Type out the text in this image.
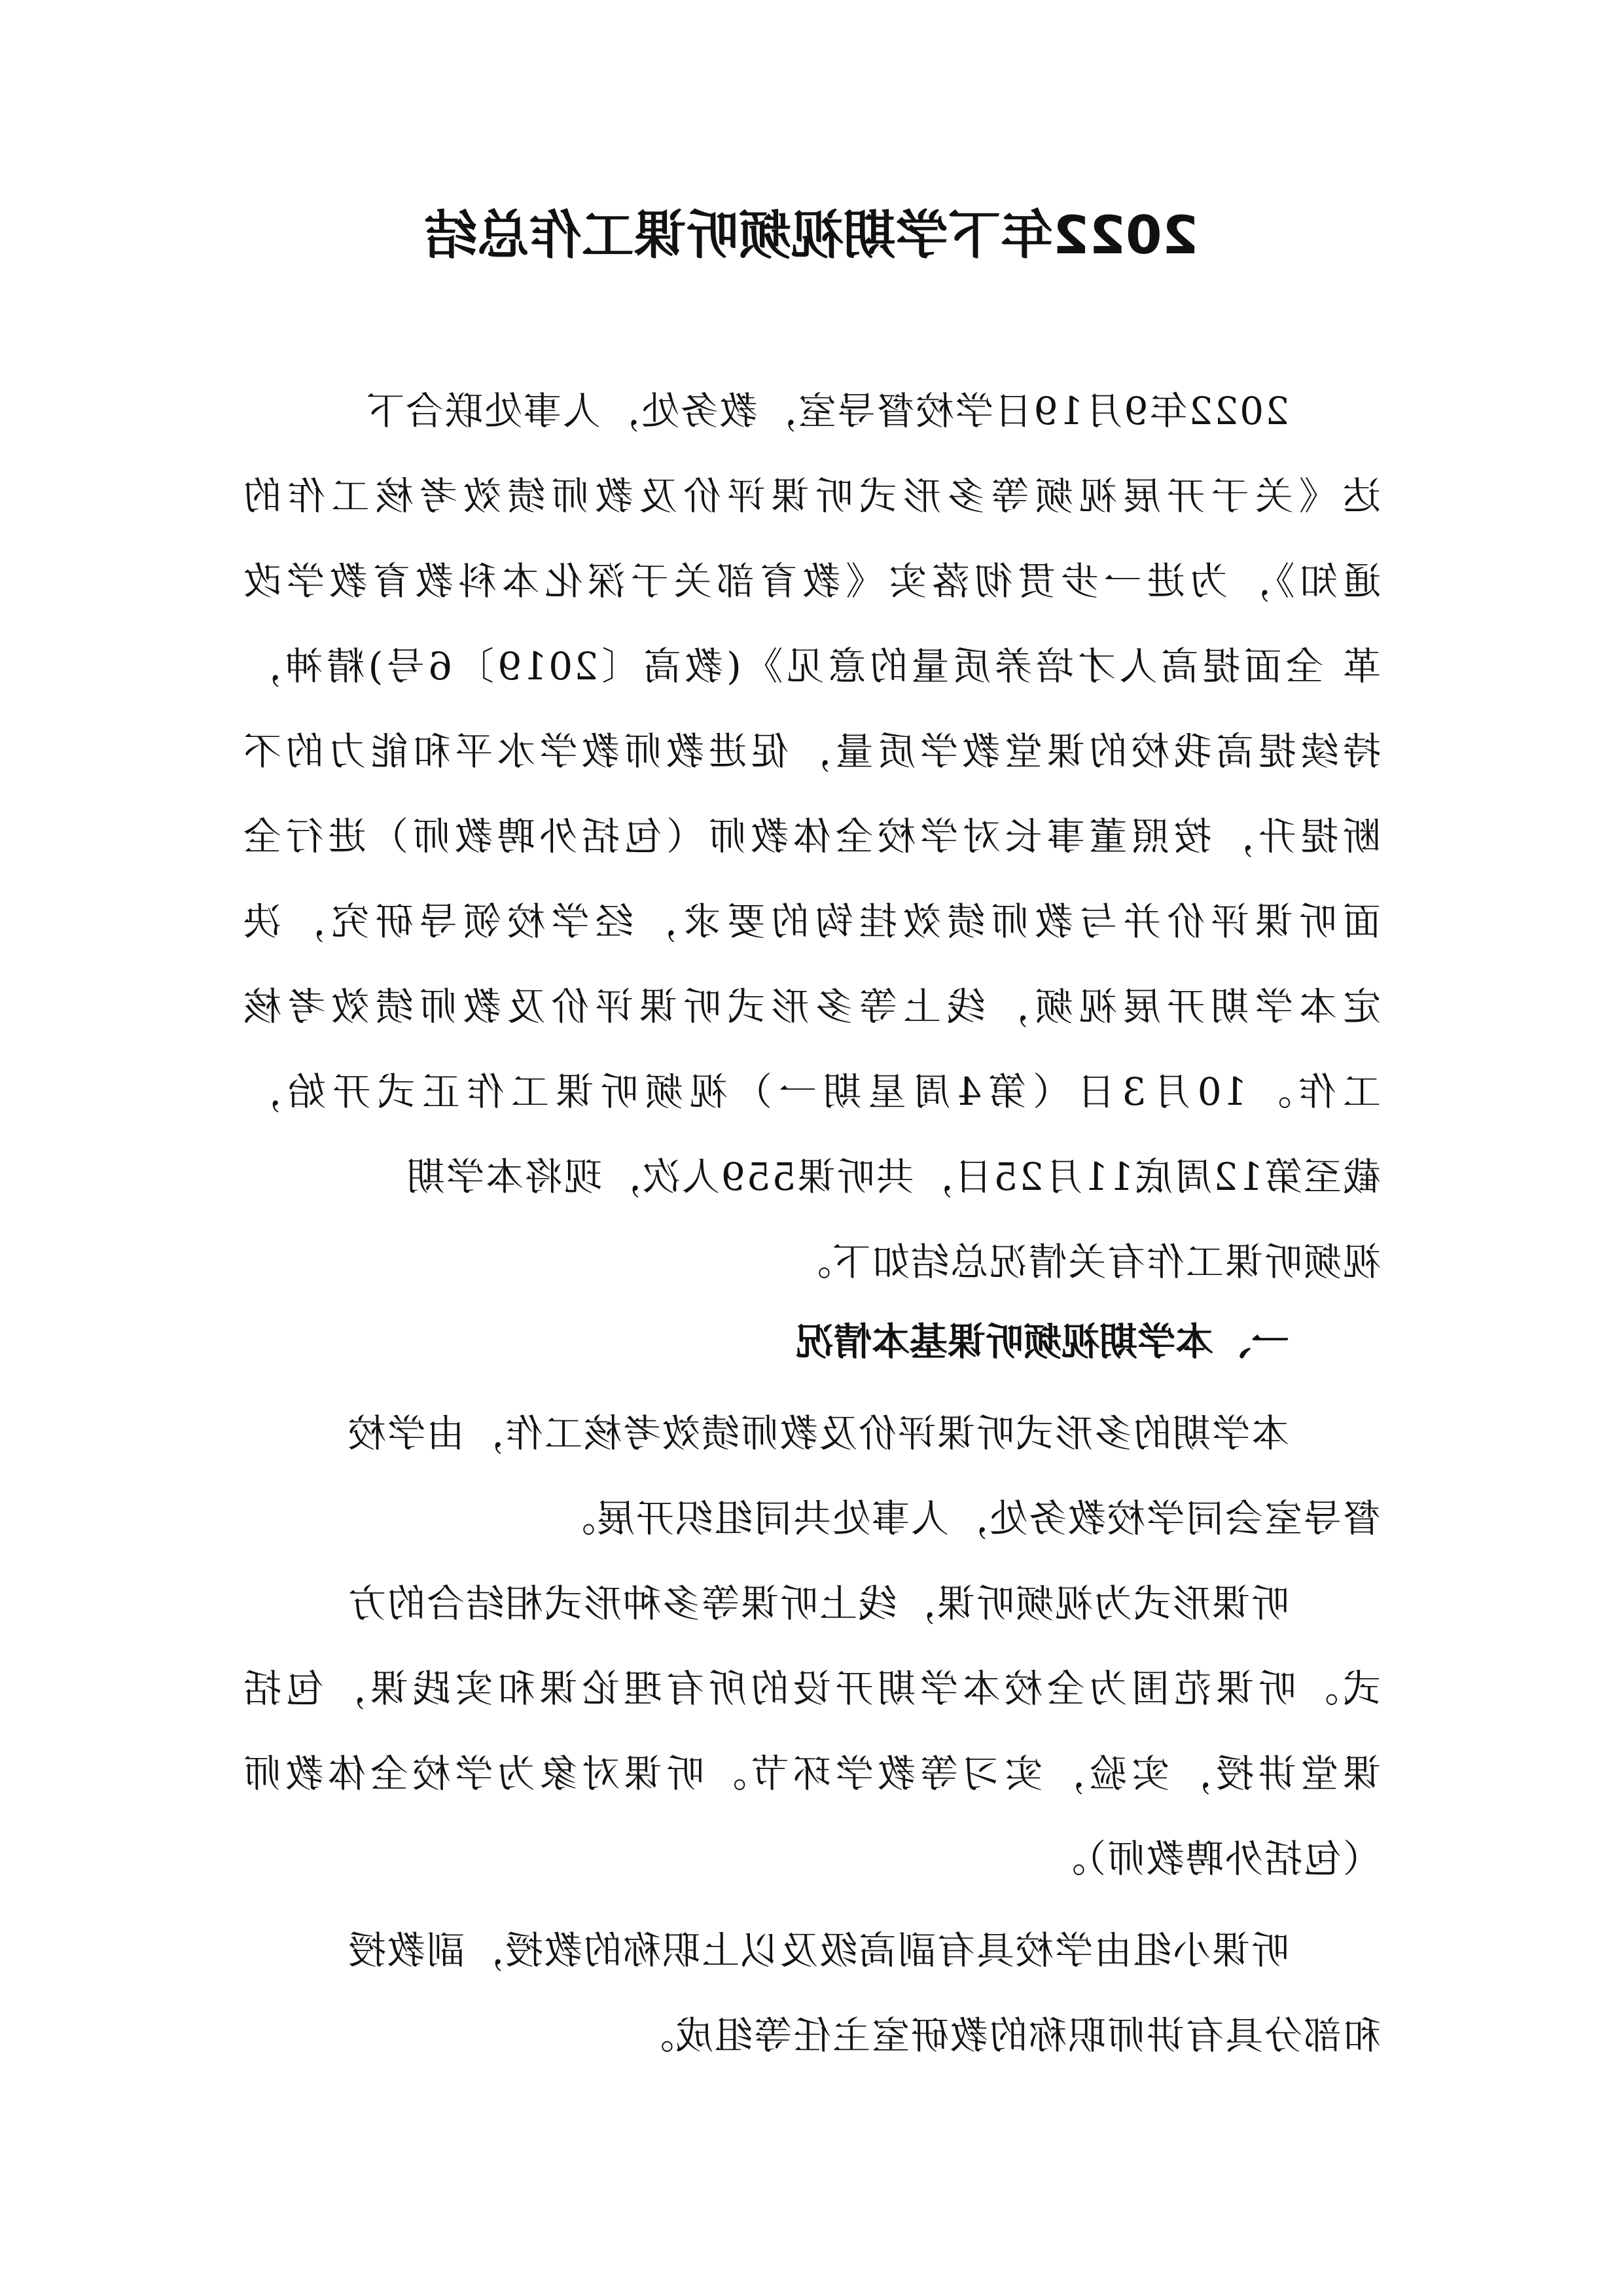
2022年下学期视频听课工作总结

2022年9月19日学校督导室，教务处，人事处联合下

达《关于开展视频等多形式听课评价及教师绩效考核工作的

通知》，为进一步贯彻落实《教育部关于深化本科教育教学改

革 全面提高人才培养质量的意见》(教高〔2019〕6号)精神，

持续提高我校的课堂教学质量，促进教师教学水平和能力的不

断提升，按照董事长对学校全体教师（包括外聘教师）进行全

面听课评价并与教师绩效挂钩的要求，经学校领导研究，决

定本学期开展视频，线上等多形式听课评价及教师绩效考核

工作。10月3日（第4周星期一）视频听课工作正式开始，

截至第12周底11月25日，共听课559人次，现将本学期

视频听课工作有关情况总结如下。

一、本学期视频听课基本情况

本学期的多形式听课评价及教师绩效考核工作，由学校

督导室会同学校教务处，人事处共同组织开展。

听课形式为视频听课，线上听课等多种形式相结合的方

式。听课范围为全校本学期开设的所有理论课和实践课，包括

课堂讲授，实验，实习等教学环节。听课对象为学校全体教师

（包括外聘教师）。

听课小组由学校具有副高级及以上职称的教授，副教授

和部分具有讲师职称的教研室主任等组成。
